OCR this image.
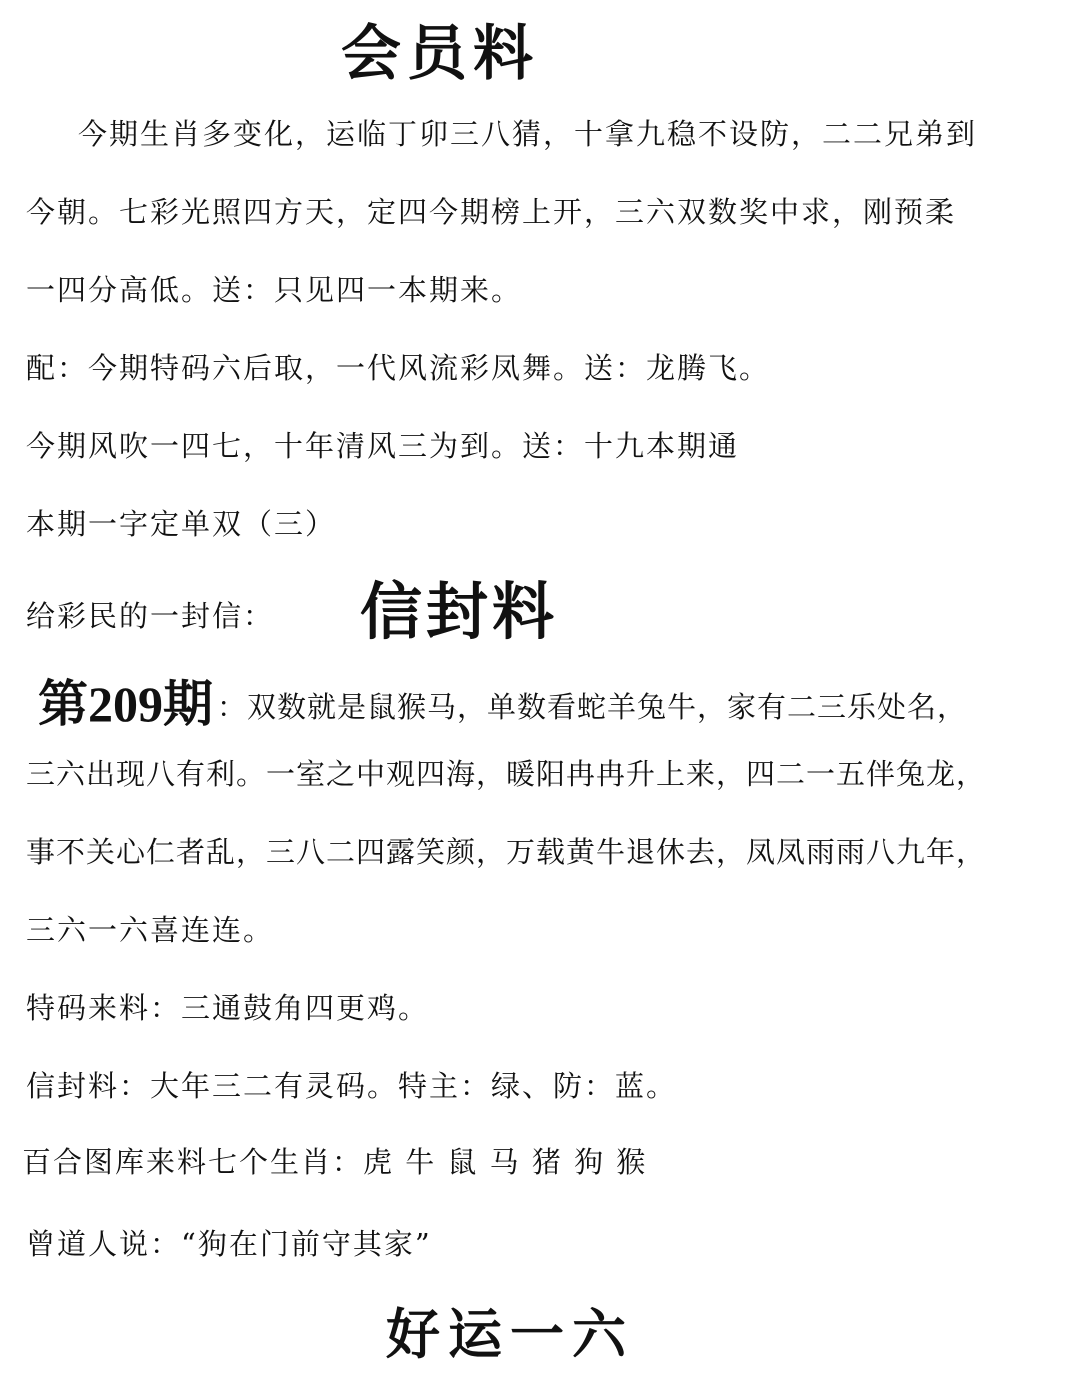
会员料
今期生肖多变化，运临丁卯三八猜，十拿九稳不设防，二二兄弟到
今朝。七彩光照四方天，定四今期榜上开，三六双数奖中求，刚预柔
一四分高低。送：只见四一本期来。
配：今期特码六后取，一代风流彩凤舞。送：龙腾飞。
今期风吹一四七，十年清风三为到。送：十九本期通
本期一字定单双（三）
给彩民的一封信： 信封料
第209期 ：双数就是鼠猴马，单数看蛇羊兔牛，家有二三乐处名，
三六出现八有利。一室之中观四海，暖阳冉冉升上来，四二一五伴兔龙，
事不关心仁者乱，三八二四露笑颜，万载黄牛退休去，凤凤雨雨八九年，
三六一六喜连连。
特码来料：三通鼓角四更鸡。
信封料：大年三二有灵码。特主：绿、防：蓝。
百合图库来料七个生肖：虎 牛 鼠 马 猪 狗 猴
曾道人说：“狗在门前守其家”
好运一六
